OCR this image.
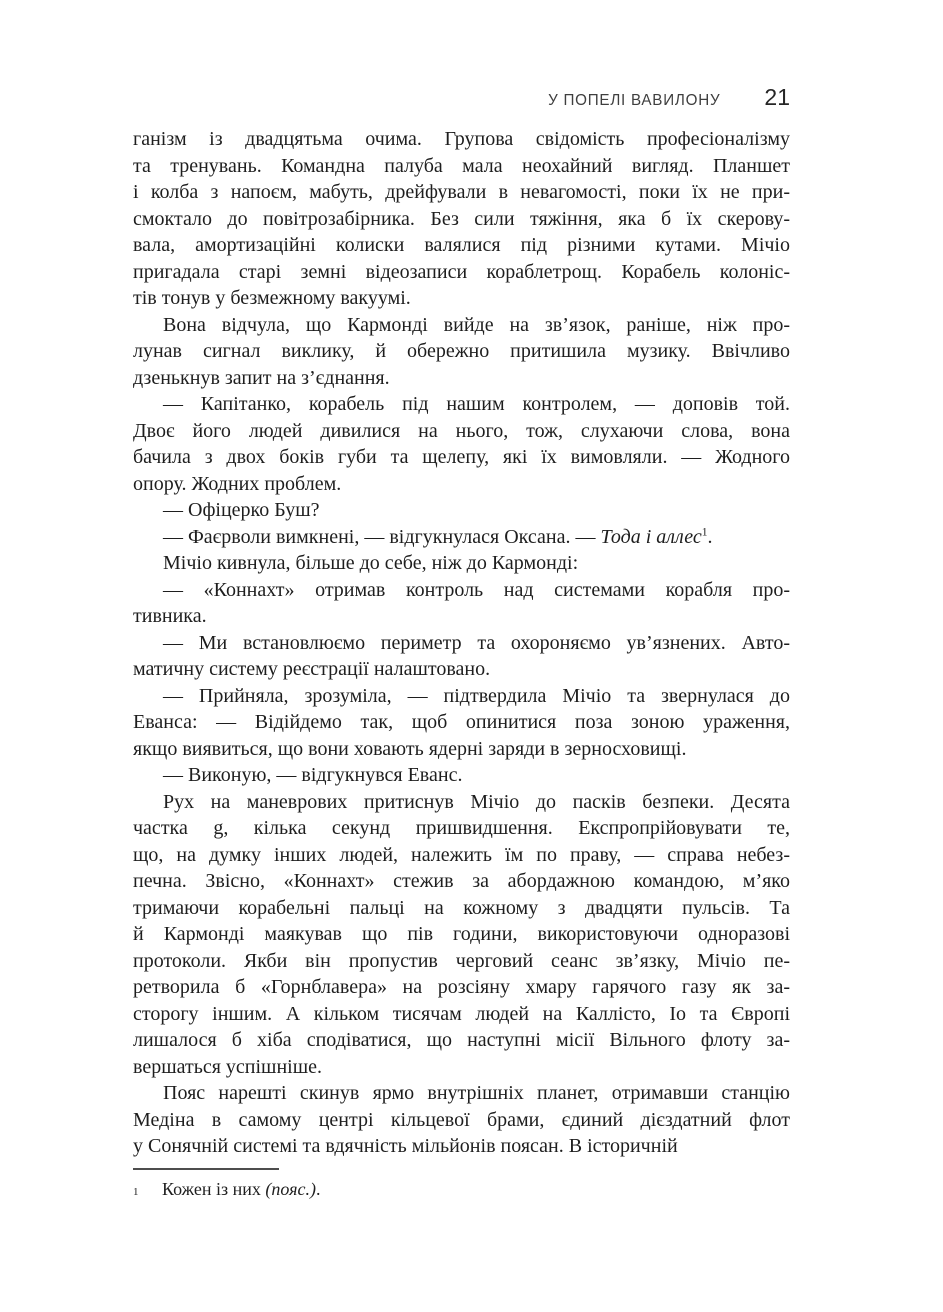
У ПОПЕЛІ ВАВИЛОНУ 21

ганізм із двадцятьма очима. Групова свідомість професіоналізму
та тренувань. Командна палуба мала неохайний вигляд. Планшет
і колба з напоєм, мабуть, дрейфували в невагомості, поки їх не при-
смоктало до повітрозабірника. Без сили тяжіння, яка б їх скерову-
вала, амортизаційні колиски валялися під різними кутами. Мічіо
пригадала старі земні відеозаписи кораблетрощ. Корабель колоніс-
тів тонув у безмежному вакуумі.

Вона відчула, що Кармонді вийде на зв’язок, раніше, ніж про-
лунав сигнал виклику, й обережно притишила музику. Ввічливо
дзенькнув запит на з’єднання.

— Капітанко, корабель під нашим контролем, — доповів той.
Двоє його людей дивилися на нього, тож, слухаючи слова, вона
бачила з двох боків губи та щелепу, які їх вимовляли. — Жодного
опору. Жодних проблем.

— Офіцерко Буш?

— Фаєрволи вимкнені, — відгукнулася Оксана. — Тода і аллес$^1$.

Мічіо кивнула, більше до себе, ніж до Кармонді:

— «Коннахт» отримав контроль над системами корабля про-
тивника.

— Ми встановлюємо периметр та охороняємо ув’язнених. Авто-
матичну систему реєстрації налаштовано.

— Прийняла, зрозуміла, — підтвердила Мічіо та звернулася до
Еванса: — Відійдемо так, щоб опинитися поза зоною ураження,
якщо виявиться, що вони ховають ядерні заряди в зерносховищі.

— Виконую, — відгукнувся Еванс.

Рух на маневрових притиснув Мічіо до пасків безпеки. Десята
частка g, кілька секунд пришвидшення. Експропрійовувати те,
що, на думку інших людей, належить їм по праву, — справа небез-
печна. Звісно, «Коннахт» стежив за абордажною командою, м’яко
тримаючи корабельні пальці на кожному з двадцяти пульсів. Та
й Кармонді маякував що пів години, використовуючи одноразові
протоколи. Якби він пропустив черговий сеанс зв’язку, Мічіо пе-
ретворила б «Горнблавера» на розсіяну хмару гарячого газу як за-
сторогу іншим. А кільком тисячам людей на Каллісто, Іо та Європі
лишалося б хіба сподіватися, що наступні місії Вільного флоту за-
вершаться успішніше.

Пояс нарешті скинув ярмо внутрішніх планет, отримавши станцію
Медіна в самому центрі кільцевої брами, єдиний дієздатний флот
у Сонячній системі та вдячність мільйонів поясан. В історичній

1	Кожен із них (пояс.).
